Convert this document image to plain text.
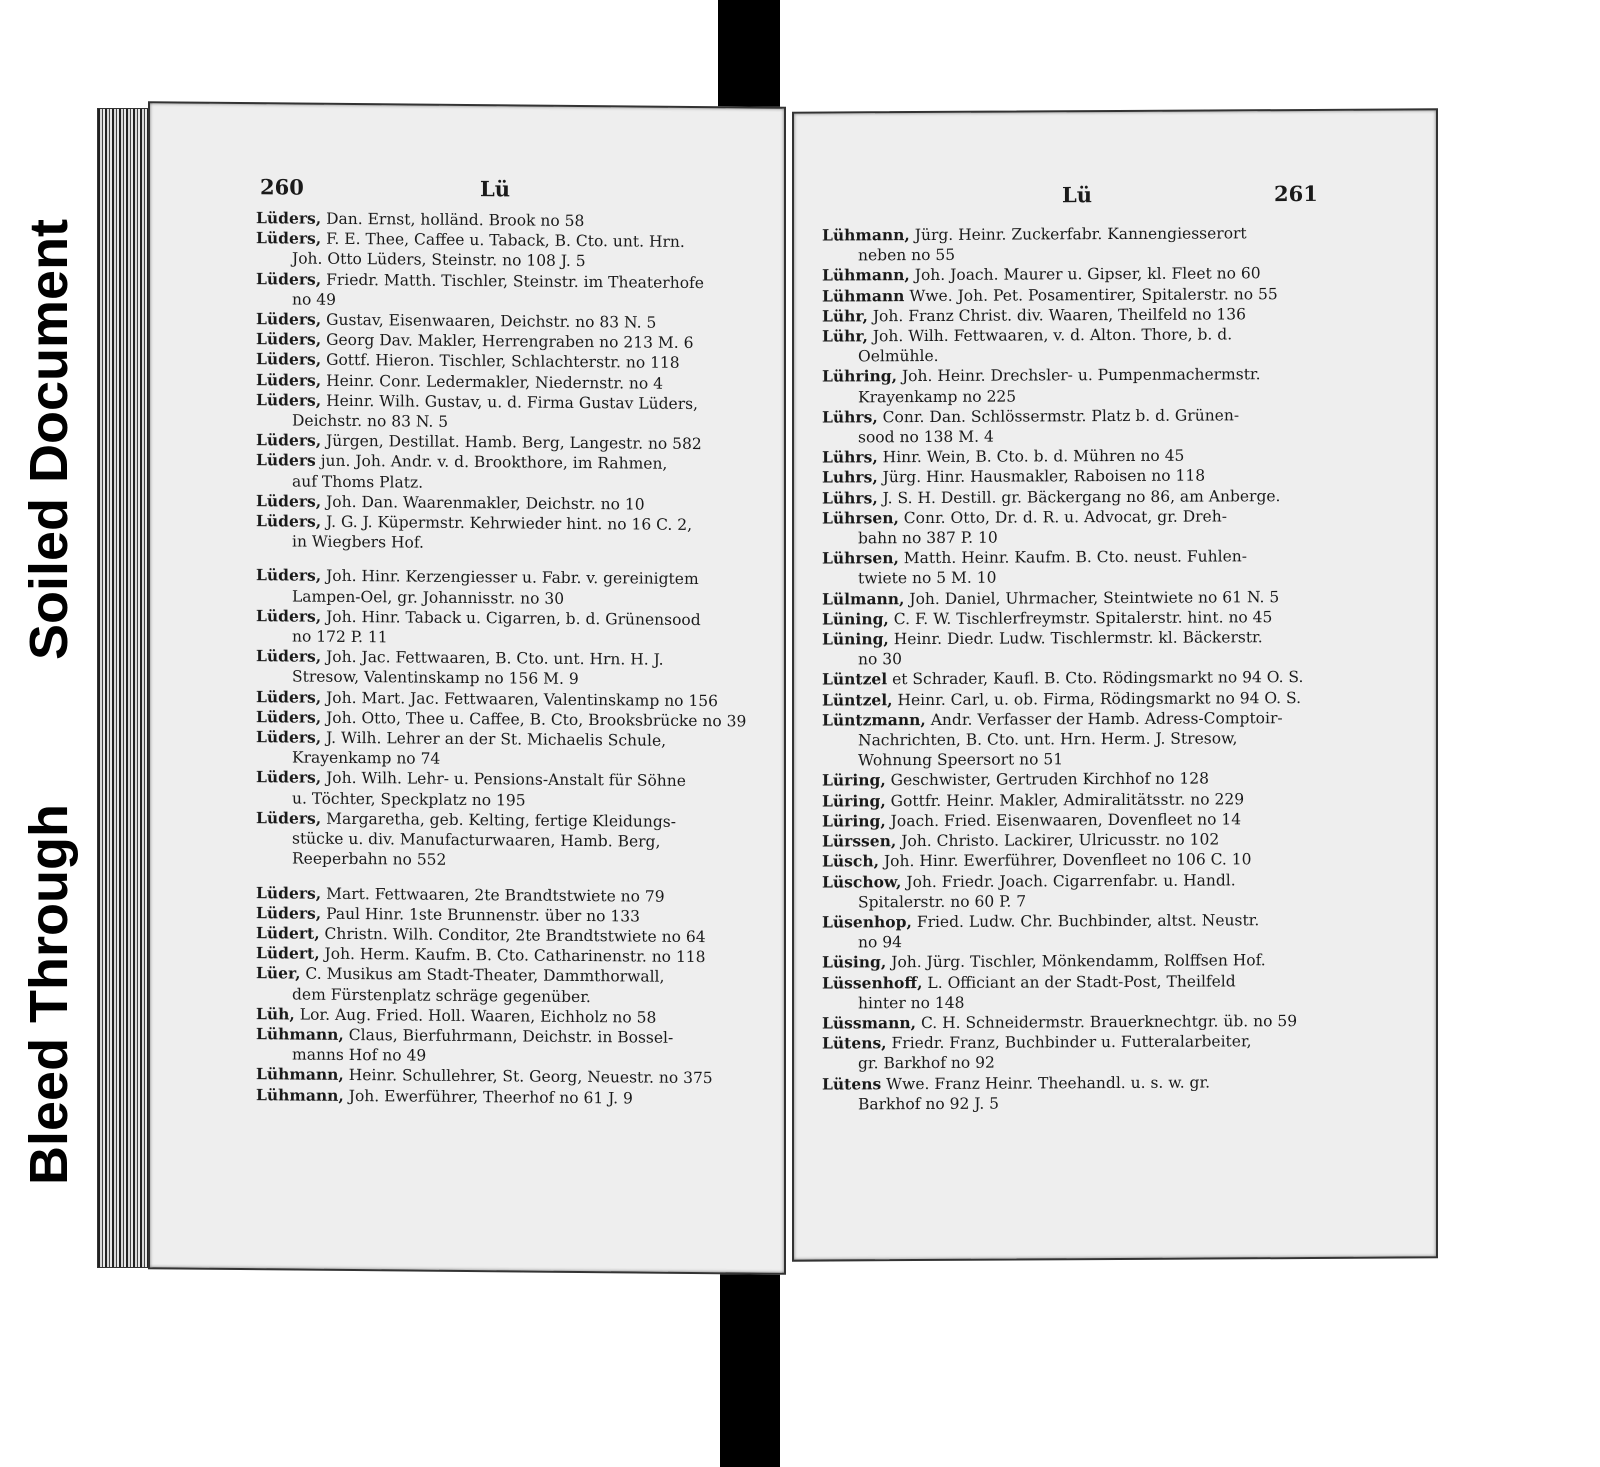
Soiled Document
Bleed Through
260	Lü
Lüders, Dan. Ernst, holländ. Brook no 58
Lüders, F. E. Thee, Caffee u. Taback, B. Cto. unt. Hrn.
Joh. Otto Lüders, Steinstr. no 108 J. 5
Lüders, Friedr. Matth. Tischler, Steinstr. im Theaterhofe
no 49
Lüders, Gustav, Eisenwaaren, Deichstr. no 83 N. 5
Lüders, Georg Dav. Makler, Herrengraben no 213 M. 6
Lüders, Gottf. Hieron. Tischler, Schlachterstr. no 118
Lüders, Heinr. Conr. Ledermakler, Niedernstr. no 4
Lüders, Heinr. Wilh. Gustav, u. d. Firma Gustav Lüders,
Deichstr. no 83 N. 5
Lüders, Jürgen, Destillat. Hamb. Berg, Langestr. no 582
Lüders jun. Joh. Andr. v. d. Brookthore, im Rahmen,
auf Thoms Platz.
Lüders, Joh. Dan. Waarenmakler, Deichstr. no 10
Lüders, J. G. J. Küpermstr. Kehrwieder hint. no 16 C. 2,
in Wiegbers Hof.
Lüders, Joh. Hinr. Kerzengiesser u. Fabr. v. gereinigtem
Lampen-Oel, gr. Johannisstr. no 30
Lüders, Joh. Hinr. Taback u. Cigarren, b. d. Grünensood
no 172 P. 11
Lüders, Joh. Jac. Fettwaaren, B. Cto. unt. Hrn. H. J.
Stresow, Valentinskamp no 156 M. 9
Lüders, Joh. Mart. Jac. Fettwaaren, Valentinskamp no 156
Lüders, Joh. Otto, Thee u. Caffee, B. Cto, Brooksbrücke no 39
Lüders, J. Wilh. Lehrer an der St. Michaelis Schule,
Krayenkamp no 74
Lüders, Joh. Wilh. Lehr- u. Pensions-Anstalt für Söhne
u. Töchter, Speckplatz no 195
Lüders, Margaretha, geb. Kelting, fertige Kleidungs-
stücke u. div. Manufacturwaaren, Hamb. Berg,
Reeperbahn no 552
Lüders, Mart. Fettwaaren, 2te Brandtstwiete no 79
Lüders, Paul Hinr. 1ste Brunnenstr. über no 133
Lüdert, Christn. Wilh. Conditor, 2te Brandtstwiete no 64
Lüdert, Joh. Herm. Kaufm. B. Cto. Catharinenstr. no 118
Lüer, C. Musikus am Stadt-Theater, Dammthorwall,
dem Fürstenplatz schräge gegenüber.
Lüh, Lor. Aug. Fried. Holl. Waaren, Eichholz no 58
Lühmann, Claus, Bierfuhrmann, Deichstr. in Bossel-
manns Hof no 49
Lühmann, Heinr. Schullehrer, St. Georg, Neuestr. no 375
Lühmann, Joh. Ewerführer, Theerhof no 61 J. 9
Lü	261
Lühmann, Jürg. Heinr. Zuckerfabr. Kannengiesserort
neben no 55
Lühmann, Joh. Joach. Maurer u. Gipser, kl. Fleet no 60
Lühmann Wwe. Joh. Pet. Posamentirer, Spitalerstr. no 55
Lühr, Joh. Franz Christ. div. Waaren, Theilfeld no 136
Lühr, Joh. Wilh. Fettwaaren, v. d. Alton. Thore, b. d.
Oelmühle.
Lühring, Joh. Heinr. Drechsler- u. Pumpenmachermstr.
Krayenkamp no 225
Lührs, Conr. Dan. Schlössermstr. Platz b. d. Grünen-
sood no 138 M. 4
Lührs, Hinr. Wein, B. Cto. b. d. Mühren no 45
Luhrs, Jürg. Hinr. Hausmakler, Raboisen no 118
Lührs, J. S. H. Destill. gr. Bäckergang no 86, am Anberge.
Lührsen, Conr. Otto, Dr. d. R. u. Advocat, gr. Dreh-
bahn no 387 P. 10
Lührsen, Matth. Heinr. Kaufm. B. Cto. neust. Fuhlen-
twiete no 5 M. 10
Lülmann, Joh. Daniel, Uhrmacher, Steintwiete no 61 N. 5
Lüning, C. F. W. Tischlerfreymstr. Spitalerstr. hint. no 45
Lüning, Heinr. Diedr. Ludw. Tischlermstr. kl. Bäckerstr.
no 30
Lüntzel et Schrader, Kaufl. B. Cto. Rödingsmarkt no 94 O. S.
Lüntzel, Heinr. Carl, u. ob. Firma, Rödingsmarkt no 94 O. S.
Lüntzmann, Andr. Verfasser der Hamb. Adress-Comptoir-
Nachrichten, B. Cto. unt. Hrn. Herm. J. Stresow,
Wohnung Speersort no 51
Lüring, Geschwister, Gertruden Kirchhof no 128
Lüring, Gottfr. Heinr. Makler, Admiralitätsstr. no 229
Lüring, Joach. Fried. Eisenwaaren, Dovenfleet no 14
Lürssen, Joh. Christo. Lackirer, Ulricusstr. no 102
Lüsch, Joh. Hinr. Ewerführer, Dovenfleet no 106 C. 10
Lüschow, Joh. Friedr. Joach. Cigarrenfabr. u. Handl.
Spitalerstr. no 60 P. 7
Lüsenhop, Fried. Ludw. Chr. Buchbinder, altst. Neustr.
no 94
Lüsing, Joh. Jürg. Tischler, Mönkendamm, Rolffsen Hof.
Lüssenhoff, L. Officiant an der Stadt-Post, Theilfeld
hinter no 148
Lüssmann, C. H. Schneidermstr. Brauerknechtgr. üb. no 59
Lütens, Friedr. Franz, Buchbinder u. Futteralarbeiter,
gr. Barkhof no 92
Lütens Wwe. Franz Heinr. Theehandl. u. s. w. gr.
Barkhof no 92 J. 5
